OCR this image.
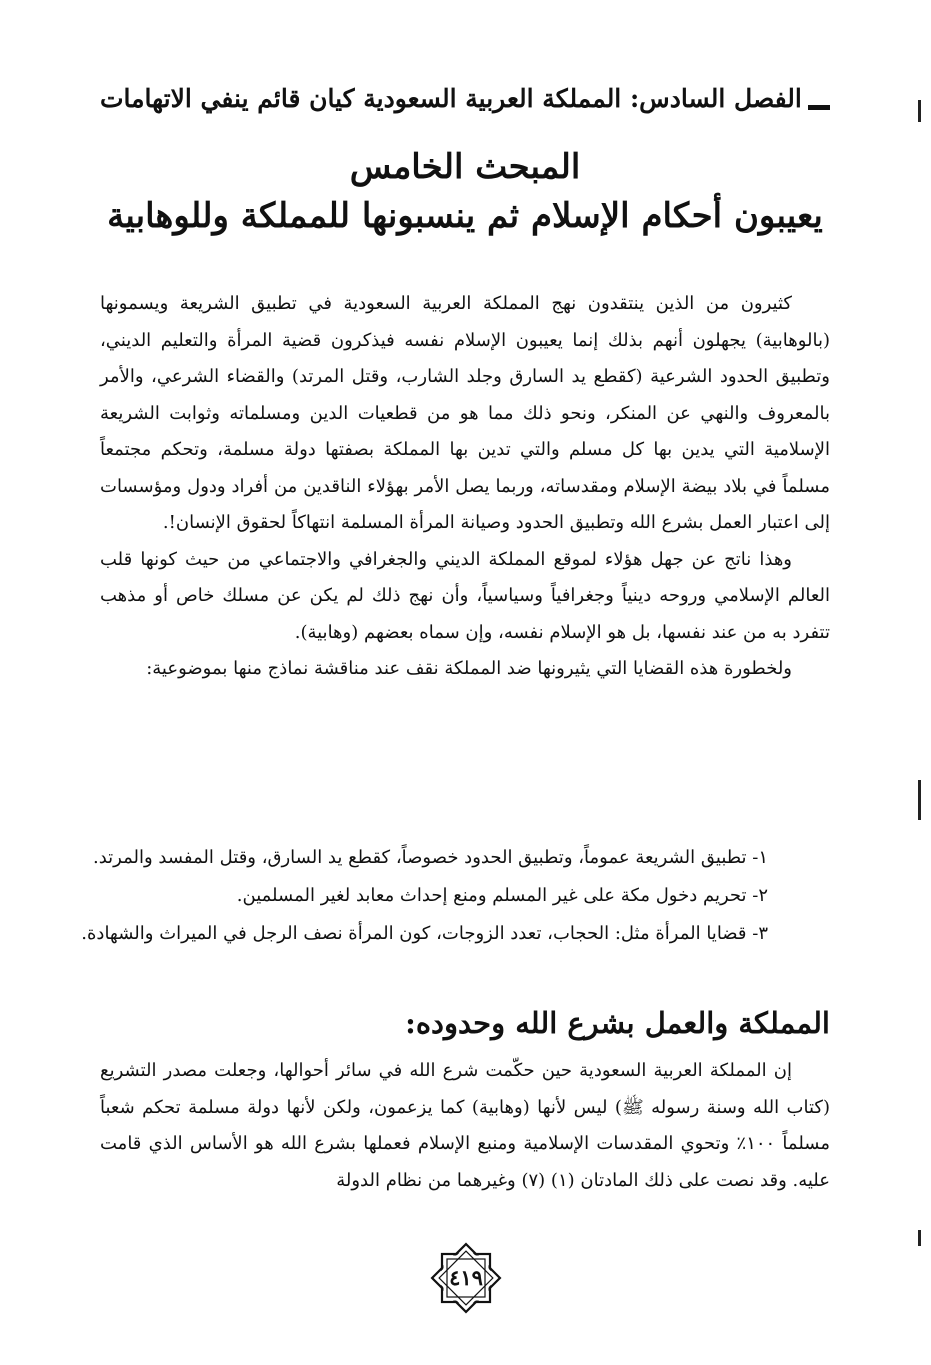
الفصل السادس: المملكة العربية السعودية كيان قائم ينفي الاتهامات
المبحث الخامس
يعيبون أحكام الإسلام ثم ينسبونها للمملكة وللوهابية

كثيرون من الذين ينتقدون نهج المملكة العربية السعودية في تطبيق الشريعة ويسمونها (بالوهابية) يجهلون أنهم بذلك إنما يعيبون الإسلام نفسه فيذكرون قضية المرأة والتعليم الديني، وتطبيق الحدود الشرعية (كقطع يد السارق وجلد الشارب، وقتل المرتد) والقضاء الشرعي، والأمر بالمعروف والنهي عن المنكر، ونحو ذلك مما هو من قطعيات الدين ومسلماته وثوابت الشريعة الإسلامية التي يدين بها كل مسلم والتي تدين بها المملكة بصفتها دولة مسلمة، وتحكم مجتمعاً مسلماً في بلاد بيضة الإسلام ومقدساته، وربما يصل الأمر بهؤلاء الناقدين من أفراد ودول ومؤسسات إلى اعتبار العمل بشرع الله وتطبيق الحدود وصيانة المرأة المسلمة انتهاكاً لحقوق الإنسان!.

وهذا ناتج عن جهل هؤلاء لموقع المملكة الديني والجغرافي والاجتماعي من حيث كونها قلب العالم الإسلامي وروحه دينياً وجغرافياً وسياسياً، وأن نهج ذلك لم يكن عن مسلك خاص أو مذهب تتفرد به من عند نفسها، بل هو الإسلام نفسه، وإن سماه بعضهم (وهابية).

ولخطورة هذه القضايا التي يثيرونها ضد المملكة نقف عند مناقشة نماذج منها بموضوعية:

١- تطبيق الشريعة عموماً، وتطبيق الحدود خصوصاً، كقطع يد السارق، وقتل المفسد والمرتد.
٢- تحريم دخول مكة على غير المسلم ومنع إحداث معابد لغير المسلمين.
٣- قضايا المرأة مثل: الحجاب، تعدد الزوجات، كون المرأة نصف الرجل في الميراث والشهادة.
المملكة والعمل بشرع الله وحدوده:

إن المملكة العربية السعودية حين حكّمت شرع الله في سائر أحوالها، وجعلت مصدر التشريع (كتاب الله وسنة رسوله ﷺ) ليس لأنها (وهابية) كما يزعمون، ولكن لأنها دولة مسلمة تحكم شعباً مسلماً ١٠٠٪ وتحوي المقدسات الإسلامية ومنبع الإسلام فعملها بشرع الله هو الأساس الذي قامت عليه. وقد نصت على ذلك المادتان (١) (٧) وغيرهما من نظام الدولة

٤١٩
